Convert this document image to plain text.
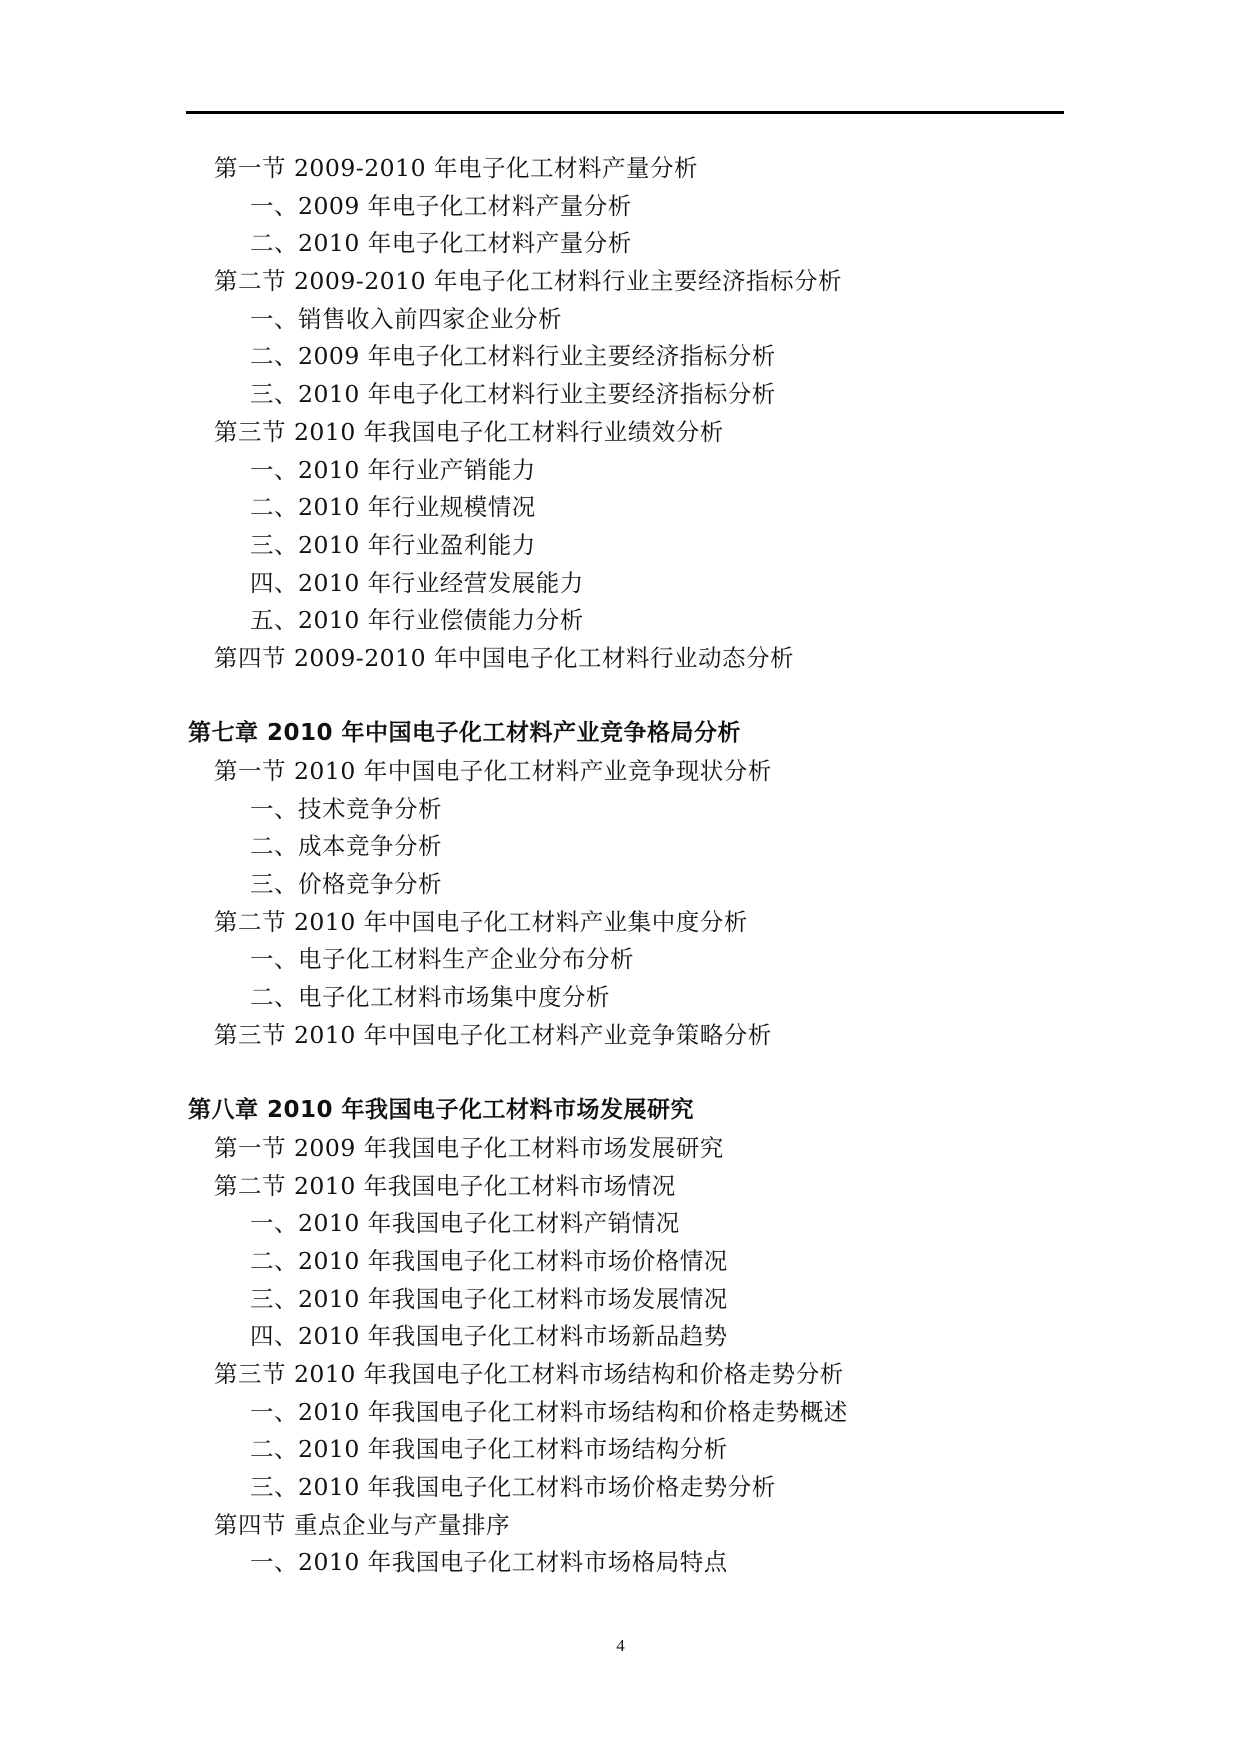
第一节 2009-2010 年电子化工材料产量分析
一、2009 年电子化工材料产量分析
二、2010 年电子化工材料产量分析
第二节 2009-2010 年电子化工材料行业主要经济指标分析
一、销售收入前四家企业分析
二、2009 年电子化工材料行业主要经济指标分析
三、2010 年电子化工材料行业主要经济指标分析
第三节 2010 年我国电子化工材料行业绩效分析
一、2010 年行业产销能力
二、2010 年行业规模情况
三、2010 年行业盈利能力
四、2010 年行业经营发展能力
五、2010 年行业偿债能力分析
第四节 2009-2010 年中国电子化工材料行业动态分析
第七章 2010 年中国电子化工材料产业竞争格局分析
第一节 2010 年中国电子化工材料产业竞争现状分析
一、技术竞争分析
二、成本竞争分析
三、价格竞争分析
第二节 2010 年中国电子化工材料产业集中度分析
一、电子化工材料生产企业分布分析
二、电子化工材料市场集中度分析
第三节 2010 年中国电子化工材料产业竞争策略分析
第八章 2010 年我国电子化工材料市场发展研究
第一节 2009 年我国电子化工材料市场发展研究
第二节 2010 年我国电子化工材料市场情况
一、2010 年我国电子化工材料产销情况
二、2010 年我国电子化工材料市场价格情况
三、2010 年我国电子化工材料市场发展情况
四、2010 年我国电子化工材料市场新品趋势
第三节 2010 年我国电子化工材料市场结构和价格走势分析
一、2010 年我国电子化工材料市场结构和价格走势概述
二、2010 年我国电子化工材料市场结构分析
三、2010 年我国电子化工材料市场价格走势分析
第四节 重点企业与产量排序
一、2010 年我国电子化工材料市场格局特点
4
